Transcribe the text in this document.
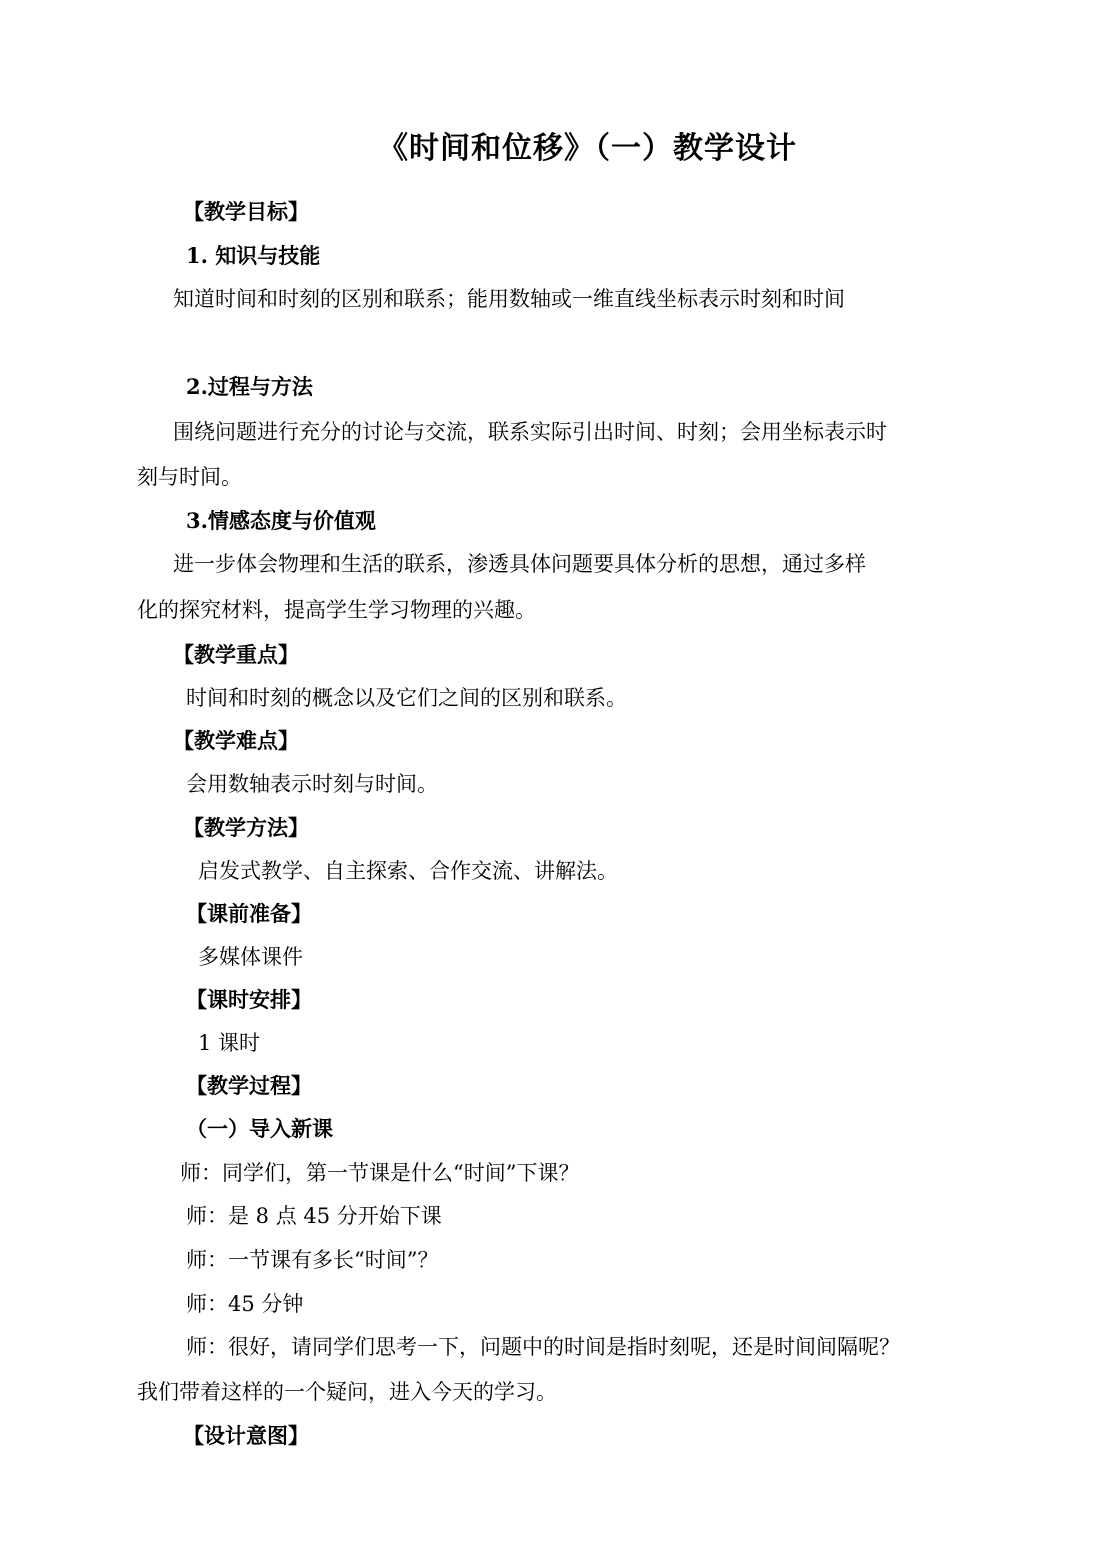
《时间和位移》（一）教学设计
【教学目标】
1. 知识与技能
知道时间和时刻的区别和联系；能用数轴或一维直线坐标表示时刻和时间
2.过程与方法
围绕问题进行充分的讨论与交流，联系实际引出时间、时刻；会用坐标表示时
刻与时间。
3.情感态度与价值观
进一步体会物理和生活的联系，渗透具体问题要具体分析的思想，通过多样
化的探究材料，提高学生学习物理的兴趣。
【教学重点】
时间和时刻的概念以及它们之间的区别和联系。
【教学难点】
会用数轴表示时刻与时间。
【教学方法】
启发式教学、自主探索、合作交流、讲解法。
【课前准备】
多媒体课件
【课时安排】
1 课时
【教学过程】
（一）导入新课
师：同学们，第一节课是什么“时间”下课？
师：是 8 点 45 分开始下课
师：一节课有多长“时间”？
师：45 分钟
师：很好，请同学们思考一下，问题中的时间是指时刻呢，还是时间间隔呢？
我们带着这样的一个疑问，进入今天的学习。
【设计意图】
